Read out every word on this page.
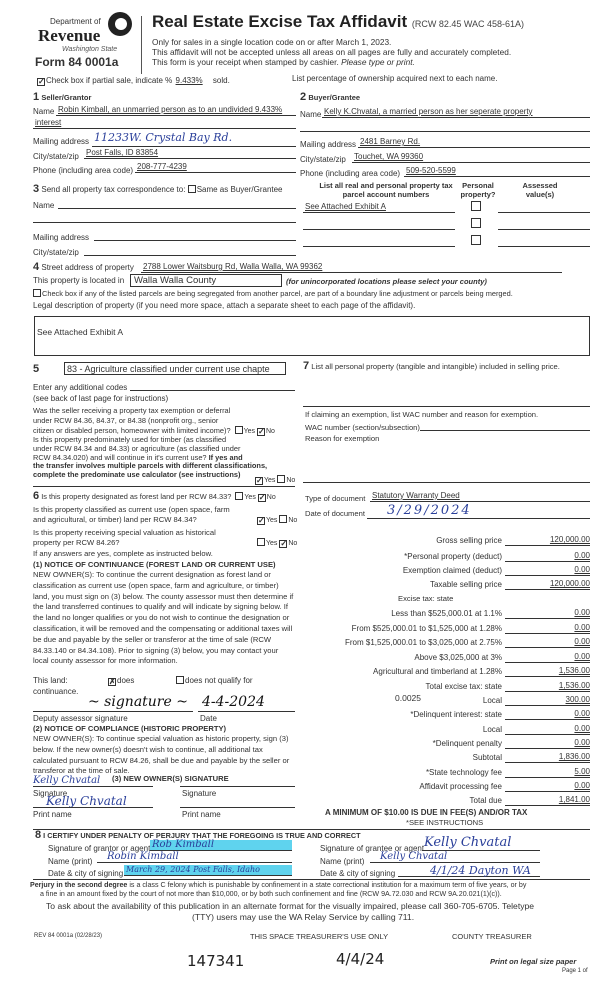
Department of
Revenue
Washington State
Form 84 0001a
Real Estate Excise Tax Affidavit (RCW 82.45 WAC 458-61A)
Only for sales in a single location code on or after March 1, 2023.
This affidavit will not be accepted unless all areas on all pages are fully and accurately completed.
This form is your receipt when stamped by cashier. Please type or print.
✓Check box if partial sale, indicate % 9.433% sold.	List percentage of ownership acquired next to each name.
1 Seller/Grantor
Name Robin Kimball, an unmarried person as to an undivided 9.433%
interest
Mailing address 11233W. Crystal Bay Rd.
City/state/zip Post Falls, ID 83854
Phone (including area code) 208-777-4239
2 Buyer/Grantee
Name Kelly K.Chvatal, a married person as her seperate property
Mailing address 2481 Barney Rd.
City/state/zip Touchet, WA 99360
Phone (including area code) 509-520-5599
3 Send all property tax correspondence to: Same as Buyer/Grantee
Name
Mailing address
City/state/zip
List all real and personal property tax
parcel account numbers
Personal
property?
Assessed
value(s)
See Attached Exhibit A
4 Street address of property 2788 Lower Waitsburg Rd, Walla Walla, WA 99362
This property is located in	Walla Walla County	(for unincorporated locations please select your county)
Check box if any of the listed parcels are being segregated from another parcel, are part of a boundary line adjustment or parcels being merged.
Legal description of property (if you need more space, attach a separate sheet to each page of the affidavit).
See Attached Exhibit A
5	83 - Agriculture classified under current use chapte
Enter any additional codes
(see back of last page for instructions)
Was the seller receiving a property tax exemption or deferral
under RCW 84.36, 84.37, or 84.38 (nonprofit org., senior
citizen or disabled person, homeowner with limited income)? Yes ✓No
Is this property predominately used for timber (as classified
under RCW 84.34 and 84.33) or agriculture (as classified under
RCW 84.34.020) and will continue in it's current use? If yes and
the transfer involves multiple parcels with different classifications,
complete the predominate use calculator (see instructions)
✓Yes No
6 Is this property designated as forest land per RCW 84.33? Yes ✓No
Is this property classified as current use (open space, farm
and agricultural, or timber) land per RCW 84.34?	✓Yes No
Is this property receiving special valuation as historical
property per RCW 84.26?	Yes ✓No
If any answers are yes, complete as instructed below.
(1) NOTICE OF CONTINUANCE (FOREST LAND OR CURRENT USE)
NEW OWNER(S): To continue the current designation as forest land or classification as current use (open space, farm and agriculture, or timber) land, you must sign on (3) below. The county assessor must then determine if the land transferred continues to qualify and will indicate by signing below. If the land no longer qualifies or you do not wish to continue the designation or classification, it will be removed and the compensating or additional taxes will be due and payable by the seller or transferor at the time of sale (RCW 84.33.140 or 84.34.108). Prior to signing (3) below, you may contact your local county assessor for more information.
This land:	✗does	does not qualify for
continuance.
~ signature ~ 4-4-2024
Deputy assessor signature	Date
(2) NOTICE OF COMPLIANCE (HISTORIC PROPERTY)
NEW OWNER(S): To continue special valuation as historic property, sign (3) below. If the new owner(s) doesn't wish to continue, all additional tax calculated pursuant to RCW 84.26, shall be due and payable by the seller or transferor at the time of sale.
(3) NEW OWNER(S) SIGNATURE
Kelly Chvatal
Signature	Signature
Kelly Chvatal
Print name	Print name
7 List all personal property (tangible and intangible) included in selling price.
If claiming an exemption, list WAC number and reason for exemption.
WAC number (section/subsection)
Reason for exemption
Type of document Statutory Warranty Deed
Date of document	3/29/2024
Gross selling price	120,000.00
*Personal property (deduct)	0.00
Exemption claimed (deduct)	0.00
Taxable selling price	120,000.00
Excise tax: state
Less than $525,000.01 at 1.1%	0.00
From $525,000.01 to $1,525,000 at 1.28%	0.00
From $1,525,000.01 to $3,025,000 at 2.75%	0.00
Above $3,025,000 at 3%	0.00
Agricultural and timberland at 1.28%	1,536.00
Total excise tax: state	1,536.00
Local	300.00
*Delinquent interest: state	0.00
Local	0.00
*Delinquent penalty	0.00
Subtotal	1,836.00
*State technology fee	5.00
Affidavit processing fee	0.00
Total due	1,841.00
0.0025
A MINIMUM OF $10.00 IS DUE IN FEE(S) AND/OR TAX
*SEE INSTRUCTIONS
8 I CERTIFY UNDER PENALTY OF PERJURY THAT THE FOREGOING IS TRUE AND CORRECT
Signature of grantor or agent Rob Kimball
Name (print)	Robin Kimball
Date & city of signing March 29, 2024 Post Falls, Idaho
Signature of grantee or agent Kelly Chvatal
Name (print)	Kelly Chvatal
Date & city of signing	4/1/24 Dayton WA
Perjury in the second degree is a class C felony which is punishable by confinement in a state correctional institution for a maximum term of five years, or by
a fine in an amount fixed by the court of not more than $10,000, or by both such confinement and fine (RCW 9A.72.030 and RCW 9A.20.021(1)(c)).
To ask about the availability of this publication in an alternate format for the visually impaired, please call 360-705-6705. Teletype
(TTY) users may use the WA Relay Service by calling 711.
REV 84 0001a (02/28/23)	THIS SPACE TREASURER'S USE ONLY	COUNTY TREASURER
147341	4/4/24	Print on legal size paper
Page 1 of
